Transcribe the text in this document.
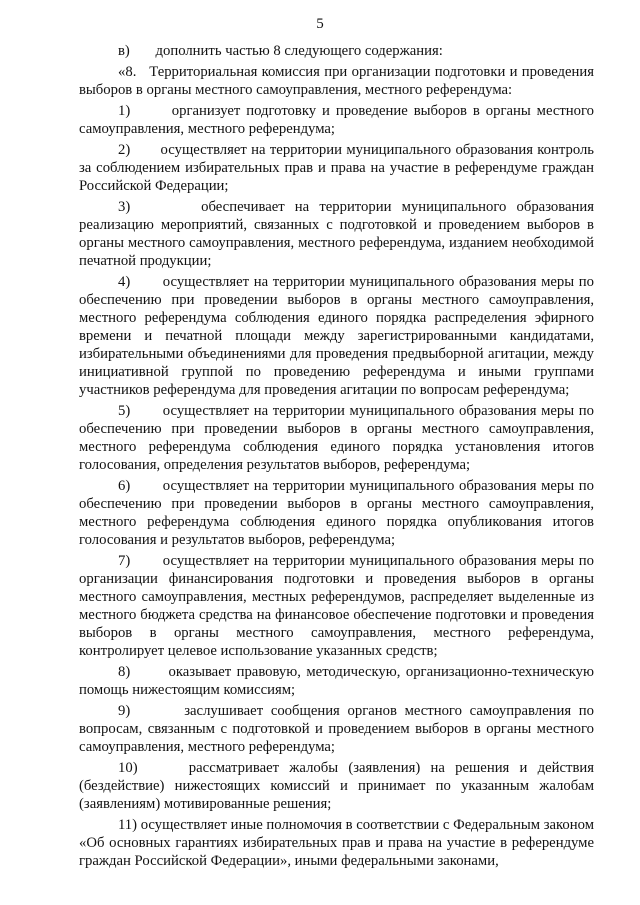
5

в)       дополнить частью 8 следующего содержания:

«8.   Территориальная комиссия при организации подготовки и проведения выборов в органы местного самоуправления, местного референдума:

1)       организует подготовку и проведение выборов в органы местного самоуправления, местного референдума;

2)       осуществляет на территории муниципального образования контроль за соблюдением избирательных прав и права на участие в референдуме граждан Российской Федерации;

3)       обеспечивает на территории муниципального образования реализацию мероприятий, связанных с подготовкой и проведением выборов в органы местного самоуправления, местного референдума, изданием необходимой печатной продукции;

4)       осуществляет на территории муниципального образования меры по обеспечению при проведении выборов в органы местного самоуправления, местного референдума соблюдения единого порядка распределения эфирного времени и печатной площади между зарегистрированными кандидатами, избирательными объединениями для проведения предвыборной агитации, между инициативной группой по проведению референдума и иными группами участников референдума для проведения агитации по вопросам референдума;

5)       осуществляет на территории муниципального образования меры по обеспечению при проведении выборов в органы местного самоуправления, местного референдума соблюдения единого порядка установления итогов голосования, определения результатов выборов, референдума;

6)       осуществляет на территории муниципального образования меры по обеспечению при проведении выборов в органы местного самоуправления, местного референдума соблюдения единого порядка опубликования итогов голосования и результатов выборов, референдума;

7)       осуществляет на территории муниципального образования меры по организации финансирования подготовки и проведения выборов в органы местного самоуправления, местных референдумов, распределяет выделенные из местного бюджета средства на финансовое обеспечение подготовки и проведения выборов в органы местного самоуправления, местного референдума, контролирует целевое использование указанных средств;

8)       оказывает правовую, методическую, организационно-техническую помощь нижестоящим комиссиям;

9)       заслушивает сообщения органов местного самоуправления по вопросам, связанным с подготовкой и проведением выборов в органы местного самоуправления, местного референдума;

10)     рассматривает жалобы (заявления) на решения и действия (бездействие) нижестоящих комиссий и принимает по указанным жалобам (заявлениям) мотивированные решения;

11) осуществляет иные полномочия в соответствии с Федеральным законом «Об основных гарантиях избирательных прав и права на участие в референдуме граждан Российской Федерации», иными федеральными законами,
